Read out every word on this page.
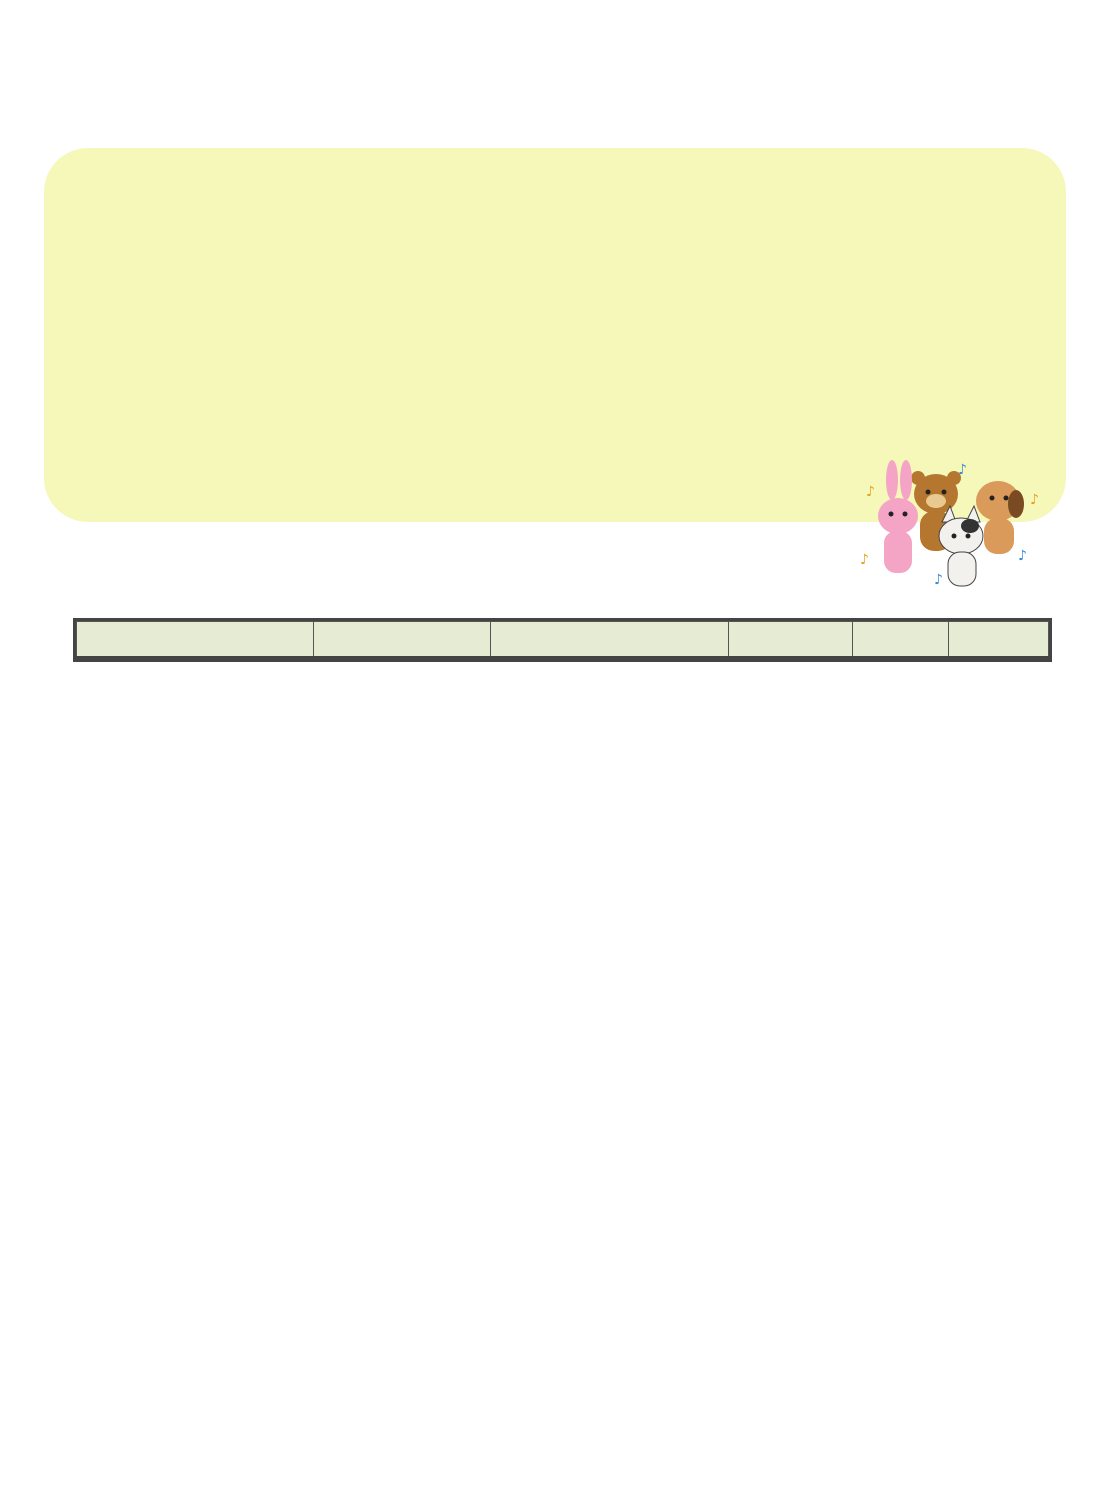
♪
♪
♪
♪
♪
♪
